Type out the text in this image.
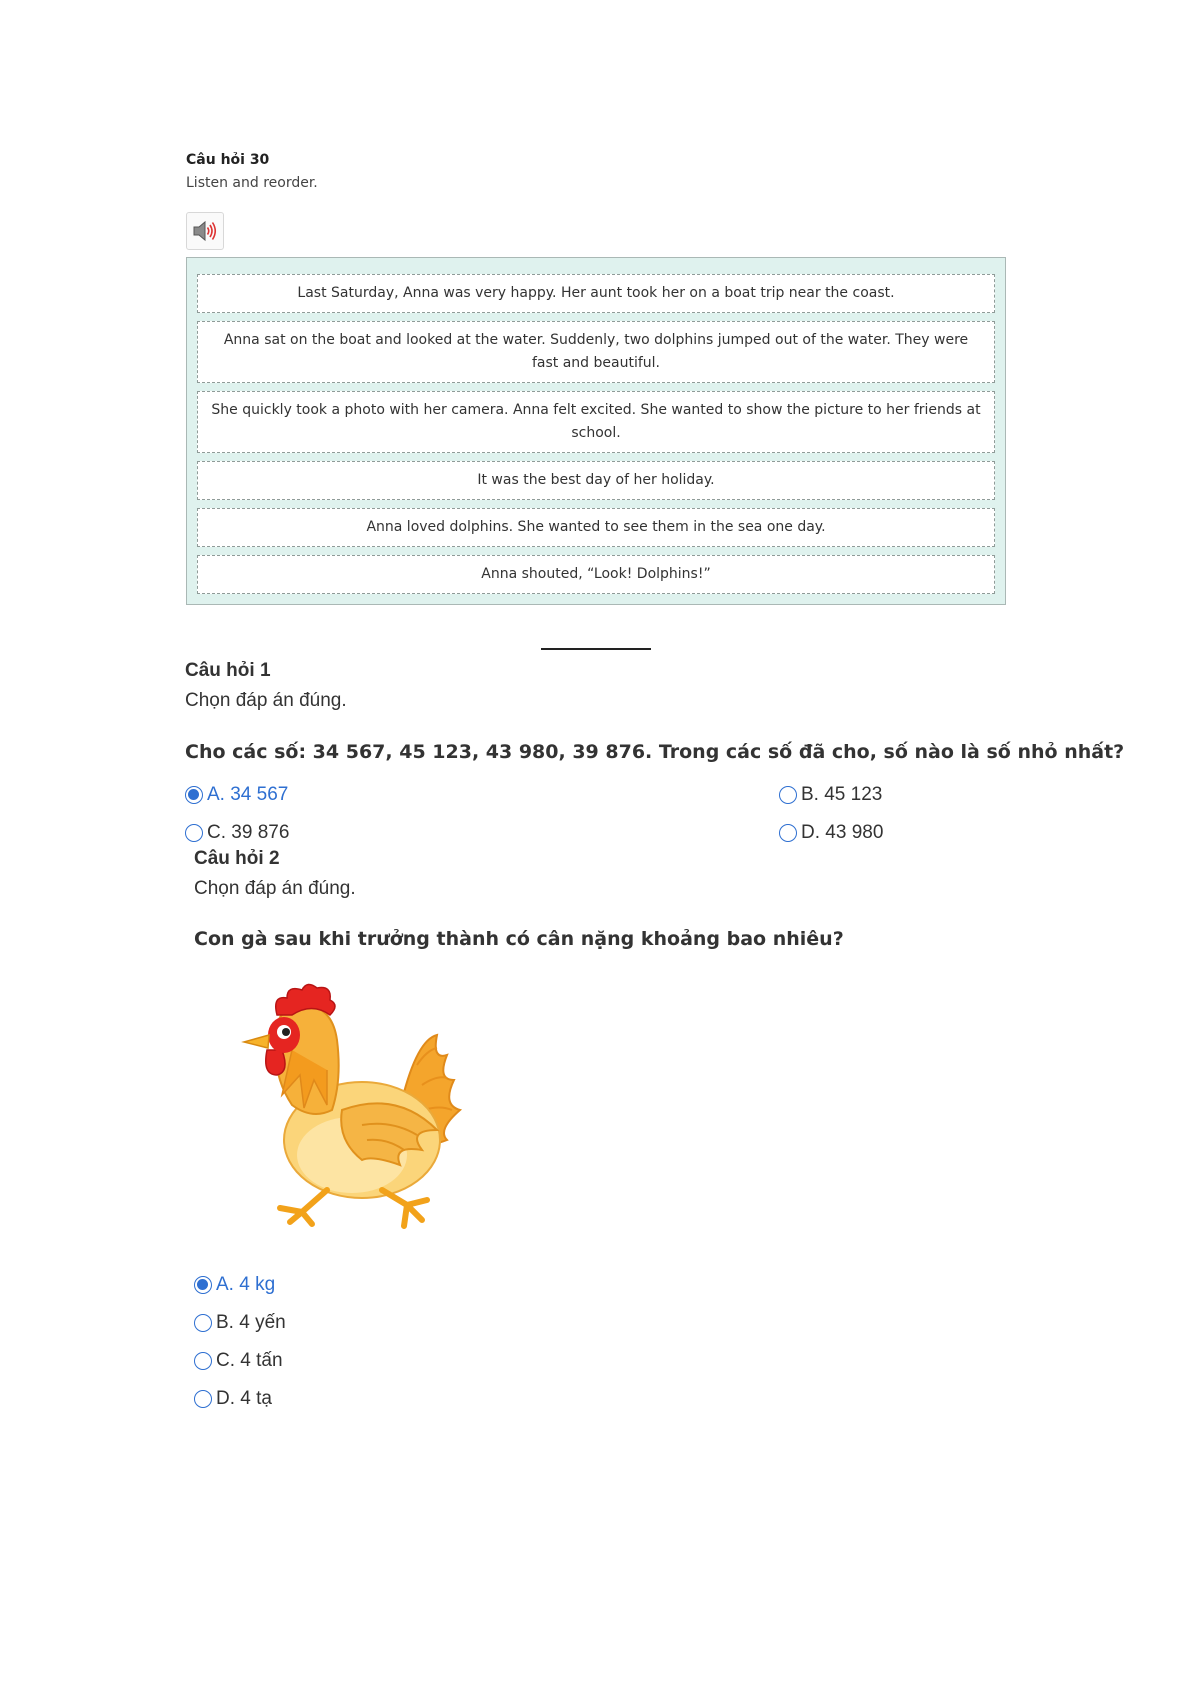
Câu hỏi 30

Listen and reorder.

Last Saturday, Anna was very happy. Her aunt took her on a boat trip near the coast.
Anna sat on the boat and looked at the water. Suddenly, two dolphins jumped out of the water. They were fast and beautiful.
She quickly took a photo with her camera. Anna felt excited. She wanted to show the picture to her friends at school.
It was the best day of her holiday.
Anna loved dolphins. She wanted to see them in the sea one day.
Anna shouted, “Look! Dolphins!”

Câu hỏi 1

Chọn đáp án đúng.

Cho các số: 34 567, 45 123, 43 980, 39 876. Trong các số đã cho, số nào là số nhỏ nhất?
A. 34 567	B. 45 123
C. 39 876	D. 43 980

Câu hỏi 2

Chọn đáp án đúng.

Con gà sau khi trưởng thành có cân nặng khoảng bao nhiêu?
A. 4 kg
B. 4 yến
C. 4 tấn
D. 4 tạ
